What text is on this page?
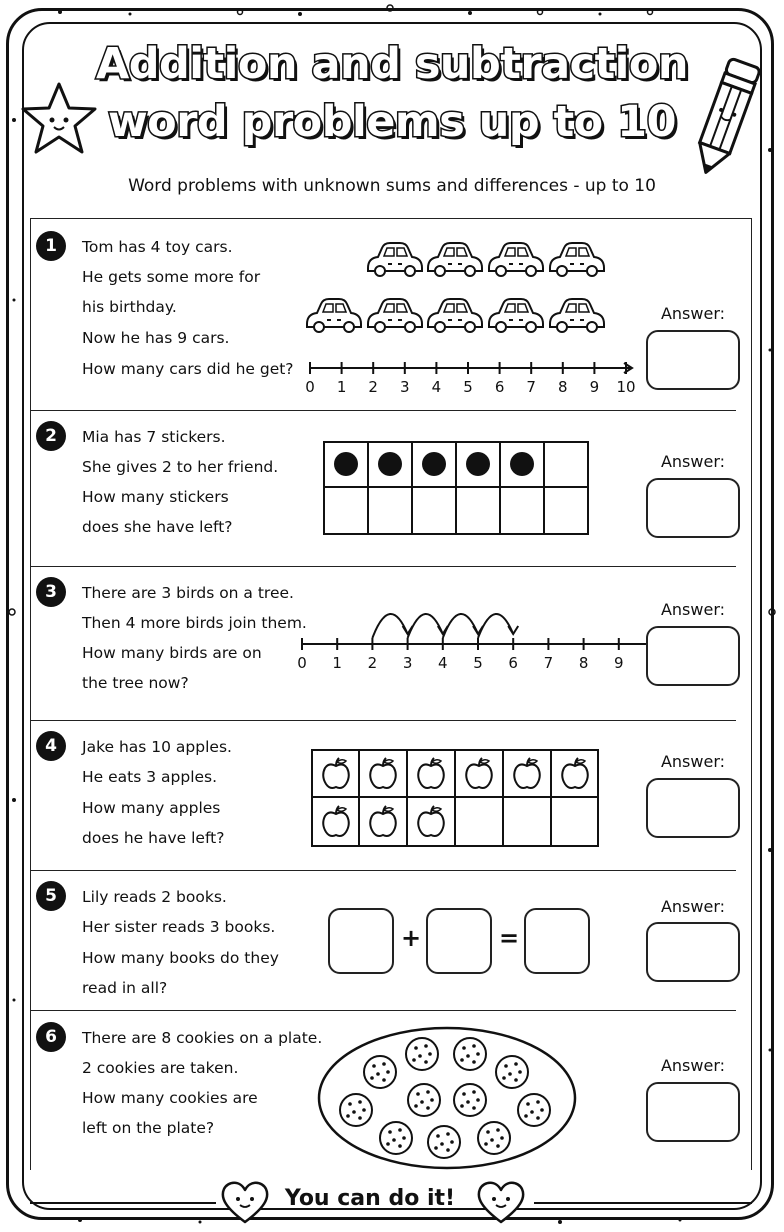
Addition and subtraction
word problems up to 10
Word problems with unknown sums and differences - up to 10
1	Tom has 4 toy cars.
He gets some more for
his birthday.
Now he has 9 cars.
How many cars did he get?
0 1 2 3 4 5 6 7 8 9 10
Answer:
2	Mia has 7 stickers.
She gives 2 to her friend.
How many stickers
does she have left?
Answer:
3	There are 3 birds on a tree.
Then 4 more birds join them.
How many birds are on
the tree now?
0 1 2 3 4 5 6 7 8 9
Answer:
4	Jake has 10 apples.
He eats 3 apples.
How many apples
does he have left?
Answer:
5	Lily reads 2 books.
Her sister reads 3 books.
How many books do they
read in all?
+	=
Answer:
6	There are 8 cookies on a plate.
2 cookies are taken.
How many cookies are
left on the plate?
Answer:
You can do it!
